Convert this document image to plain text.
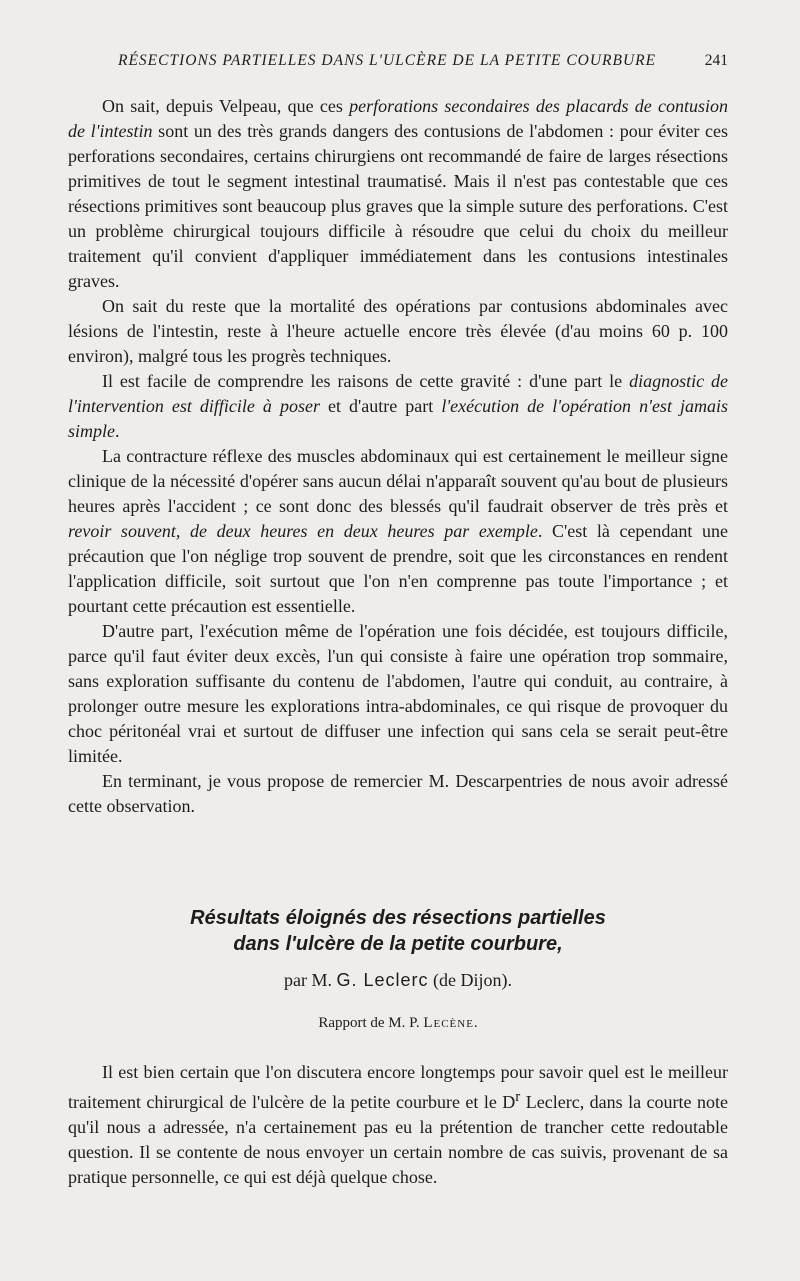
RÉSECTIONS PARTIELLES DANS L'ULCÈRE DE LA PETITE COURBURE	241

On sait, depuis Velpeau, que ces perforations secondaires des placards de contusion de l'intestin sont un des très grands dangers des contusions de l'abdomen : pour éviter ces perforations secondaires, certains chirurgiens ont recommandé de faire de larges résections primitives de tout le segment intestinal traumatisé. Mais il n'est pas contestable que ces résections primitives sont beaucoup plus graves que la simple suture des perforations. C'est un problème chirurgical toujours difficile à résoudre que celui du choix du meilleur traitement qu'il convient d'appliquer immédiatement dans les contusions intestinales graves.

On sait du reste que la mortalité des opérations par contusions abdominales avec lésions de l'intestin, reste à l'heure actuelle encore très élevée (d'au moins 60 p. 100 environ), malgré tous les progrès techniques.

Il est facile de comprendre les raisons de cette gravité : d'une part le diagnostic de l'intervention est difficile à poser et d'autre part l'exécution de l'opération n'est jamais simple.

La contracture réflexe des muscles abdominaux qui est certainement le meilleur signe clinique de la nécessité d'opérer sans aucun délai n'apparaît souvent qu'au bout de plusieurs heures après l'accident ; ce sont donc des blessés qu'il faudrait observer de très près et revoir souvent, de deux heures en deux heures par exemple. C'est là cependant une précaution que l'on néglige trop souvent de prendre, soit que les circonstances en rendent l'application difficile, soit surtout que l'on n'en comprenne pas toute l'importance ; et pourtant cette précaution est essentielle.

D'autre part, l'exécution même de l'opération une fois décidée, est toujours difficile, parce qu'il faut éviter deux excès, l'un qui consiste à faire une opération trop sommaire, sans exploration suffisante du contenu de l'abdomen, l'autre qui conduit, au contraire, à prolonger outre mesure les explorations intra-abdominales, ce qui risque de provoquer du choc péritonéal vrai et surtout de diffuser une infection qui sans cela se serait peut-être limitée.

En terminant, je vous propose de remercier M. Descarpentries de nous avoir adressé cette observation.

Résultats éloignés des résections partielles
dans l'ulcère de la petite courbure,
par M. G. Leclerc (de Dijon).
Rapport de M. P. Lecène.

Il est bien certain que l'on discutera encore longtemps pour savoir quel est le meilleur traitement chirurgical de l'ulcère de la petite courbure et le $D^r$ Leclerc, dans la courte note qu'il nous a adressée, n'a certainement pas eu la prétention de trancher cette redoutable question. Il se contente de nous envoyer un certain nombre de cas suivis, provenant de sa pratique personnelle, ce qui est déjà quelque chose.
